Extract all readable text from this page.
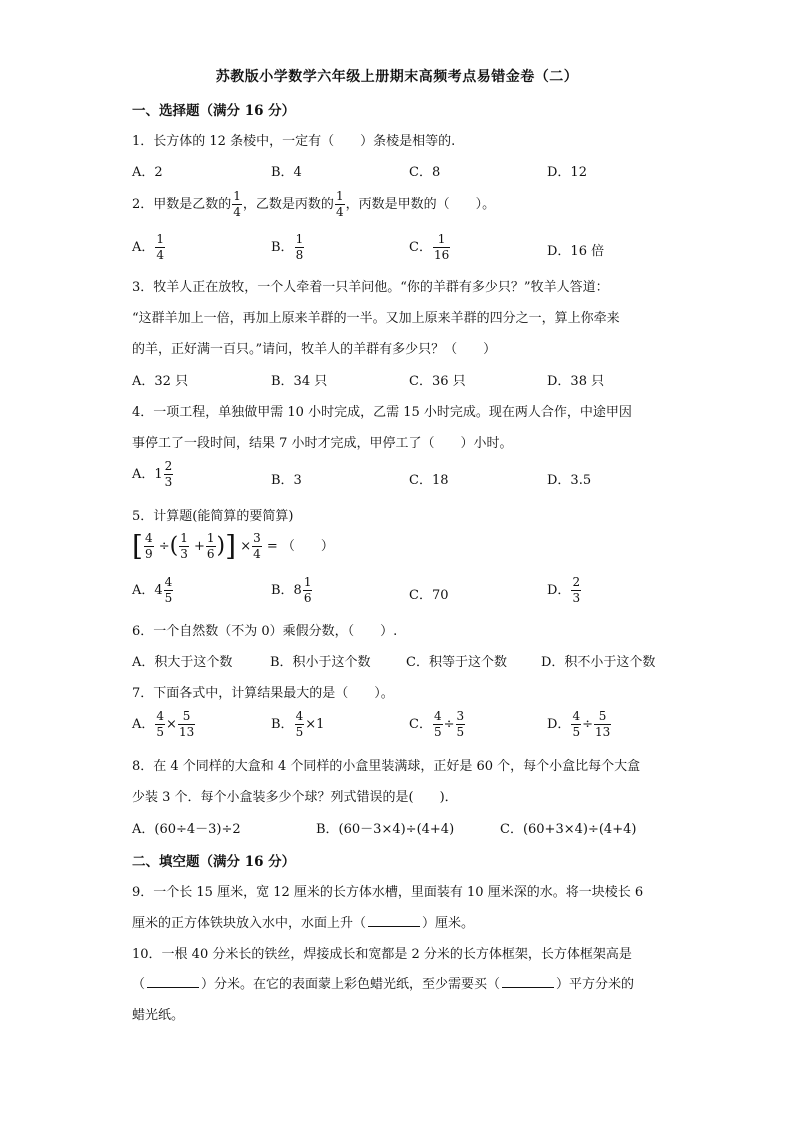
苏教版小学数学六年级上册期末高频考点易错金卷（二）
一、选择题（满分 16 分）
1．长方体的 12 条棱中，一定有（　　）条棱是相等的.
A．2	B．4	C．8	D．12
2．甲数是乙数的 $\frac{1}{4}$ ，乙数是丙数的 $\frac{1}{4}$ ，丙数是甲数的（　　）。
A． $\frac{1}{4}$	B． $\frac{1}{8}$	C． $\frac{1}{16}$	D．16 倍
3．牧羊人正在放牧，一个人牵着一只羊问他。“你的羊群有多少只？”牧羊人答道：
“这群羊加上一倍，再加上原来羊群的一半。又加上原来羊群的四分之一，算上你牵来
的羊，正好满一百只。”请问，牧羊人的羊群有多少只？（　　）
A．32 只	B．34 只	C．36 只	D．38 只
4．一项工程，单独做甲需 10 小时完成，乙需 15 小时完成。现在两人合作，中途甲因
事停工了一段时间，结果 7 小时才完成，甲停工了（　　）小时。
A．$1 \frac{2}{3}$	B．3	C．18	D．3.5
5．计算题(能简算的要简算)
[ $\frac{4}{9}$ ÷( $\frac{1}{3} + \frac{1}{6}$ )] × $\frac{3}{4}$ = （　　）
A．$4 \frac{4}{5}$	B．$8 \frac{1}{6}$	C．70	D． $\frac{2}{3}$
6．一个自然数（不为 0）乘假分数，（　　）.
A．积大于这个数	B．积小于这个数	C．积等于这个数	D．积不小于这个数
7．下面各式中，计算结果最大的是（　　）。
A． $\frac{4}{5} \times \frac{5}{13}$	B． $\frac{4}{5} \times 1$	C． $\frac{4}{5} \div \frac{3}{5}$	D． $\frac{4}{5} \div \frac{5}{13}$
8．在 4 个同样的大盒和 4 个同样的小盒里装满球，正好是 60 个，每个小盒比每个大盒
少装 3 个．每个小盒装多少个球？列式错误的是(　　)．
A．(60÷4－3)÷2	B．(60－3×4)÷(4+4)	C．(60+3×4)÷(4+4)
二、填空题（满分 16 分）
9．一个长 15 厘米，宽 12 厘米的长方体水槽，里面装有 10 厘米深的水。将一块棱长 6
厘米的正方体铁块放入水中，水面上升（	）厘米。
10．一根 40 分米长的铁丝，焊接成长和宽都是 2 分米的长方体框架，长方体框架高是
（	）分米。在它的表面蒙上彩色蜡光纸，至少需要买（	）平方分米的
蜡光纸。
